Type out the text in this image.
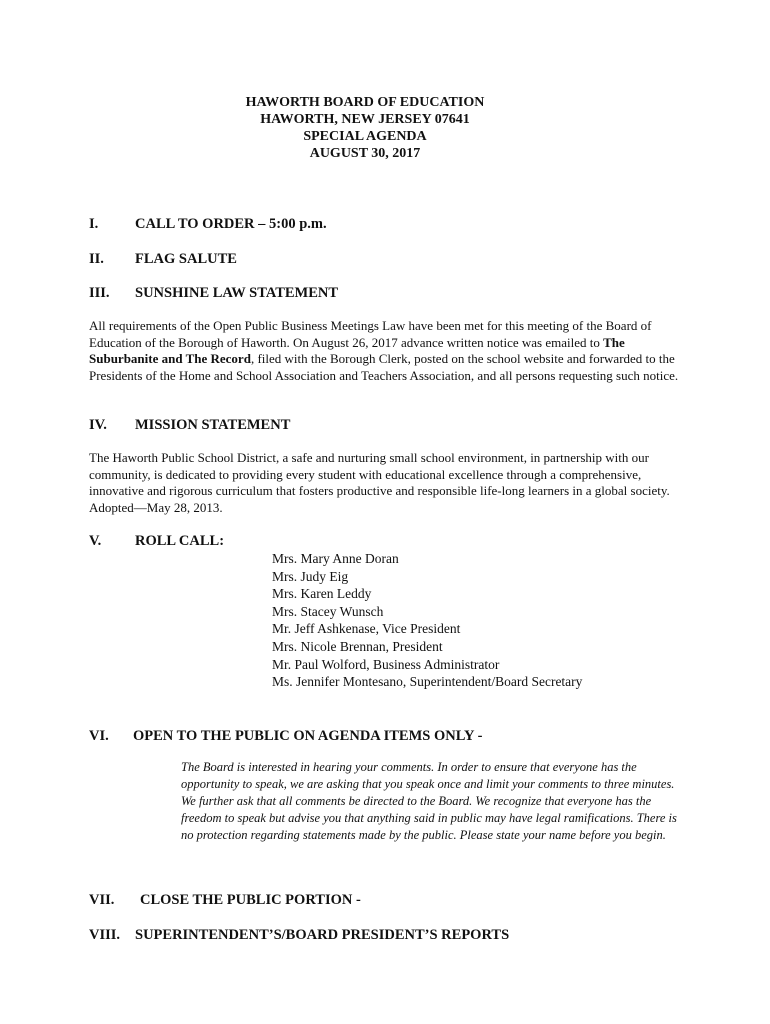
HAWORTH BOARD OF EDUCATION
HAWORTH, NEW JERSEY 07641
SPECIAL AGENDA
AUGUST 30, 2017
I.	CALL TO ORDER – 5:00 p.m.
II. FLAG SALUTE
III. SUNSHINE LAW STATEMENT
All requirements of the Open Public Business Meetings Law have been met for this meeting of the Board of Education of the Borough of Haworth. On August 26, 2017 advance written notice was emailed to The Suburbanite and The Record, filed with the Borough Clerk, posted on the school website and forwarded to the Presidents of the Home and School Association and Teachers Association, and all persons requesting such notice.
IV. MISSION STATEMENT
The Haworth Public School District, a safe and nurturing small school environment, in partnership with our community, is dedicated to providing every student with educational excellence through a comprehensive, innovative and rigorous curriculum that fosters productive and responsible life-long learners in a global society. Adopted—May 28, 2013.
V. ROLL CALL:
Mrs. Mary Anne Doran
Mrs. Judy Eig
Mrs. Karen Leddy
Mrs. Stacey Wunsch
Mr. Jeff Ashkenase, Vice President
Mrs. Nicole Brennan, President
Mr. Paul Wolford, Business Administrator
Ms. Jennifer Montesano, Superintendent/Board Secretary
VI. OPEN TO THE PUBLIC ON AGENDA ITEMS ONLY -
The Board is interested in hearing your comments. In order to ensure that everyone has the opportunity to speak, we are asking that you speak once and limit your comments to three minutes. We further ask that all comments be directed to the Board. We recognize that everyone has the freedom to speak but advise you that anything said in public may have legal ramifications. There is no protection regarding statements made by the public. Please state your name before you begin.
VII. CLOSE THE PUBLIC PORTION -
VIII. SUPERINTENDENT’S/BOARD PRESIDENT’S REPORTS
